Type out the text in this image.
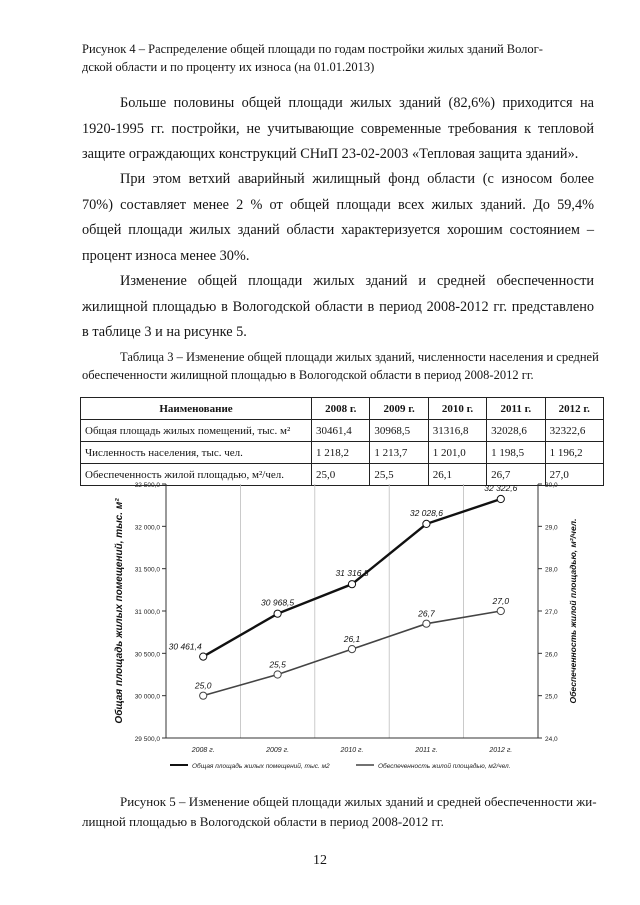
Рисунок 4 – Распределение общей площади по годам постройки жилых зданий Волог-
дской области и по проценту их износа (на 01.01.2013)
Больше половины общей площади жилых зданий (82,6%) приходится на
1920-1995 гг. постройки, не учитывающие современные требования к тепловой
защите ограждающих конструкций СНиП 23-02-2003 «Тепловая защита зданий».
При этом ветхий аварийный жилищный фонд области (с износом более
70%) составляет менее 2 % от общей площади всех жилых зданий. До 59,4%
общей площади жилых зданий области характеризуется хорошим состоянием –
процент износа менее 30%.
Изменение общей площади жилых зданий и средней обеспеченности
жилищной площадью в Вологодской области в период 2008-2012 гг. представлено
в таблице 3 и на рисунке 5.
Таблица 3 – Изменение общей площади жилых зданий, численности населения и средней
обеспеченности жилищной площадью в Вологодской области в период 2008-2012 гг.
Наименование	2008 г.	2009 г.	2010 г.	2011 г.	2012 г.
Общая площадь жилых помещений, тыс. м²	30461,4	30968,5	31316,8	32028,6	32322,6
Численность населения, тыс. чел.	1 218,2	1 213,7	1 201,0	1 198,5	1 196,2
Обеспеченность жилой площадью, м²/чел.	25,0	25,5	26,1	26,7	27,0
29 500,0
30 000,0
30 500,0
31 000,0
31 500,0
32 000,0
32 500,0
24,0
25,0
26,0
27,0
28,0
29,0
30,0
2008 г.	2009 г.	2010 г.	2011 г.	2012 г.
Общая площадь жилых помещений, тыс. м²	Обеспеченность жилой площадью, м²/чел.
30 461,4
30 968,5
31 316,8
32 028,6
32 322,6
25,0
25,5
26,1
26,7
27,0
Общая площадь жилых помещений, тыс. м2	Обеспеченность жилой площадью, м2/чел.
Рисунок 5 – Изменение общей площади жилых зданий и средней обеспеченности жи-
лищной площадью в Вологодской области в период 2008-2012 гг.
12
